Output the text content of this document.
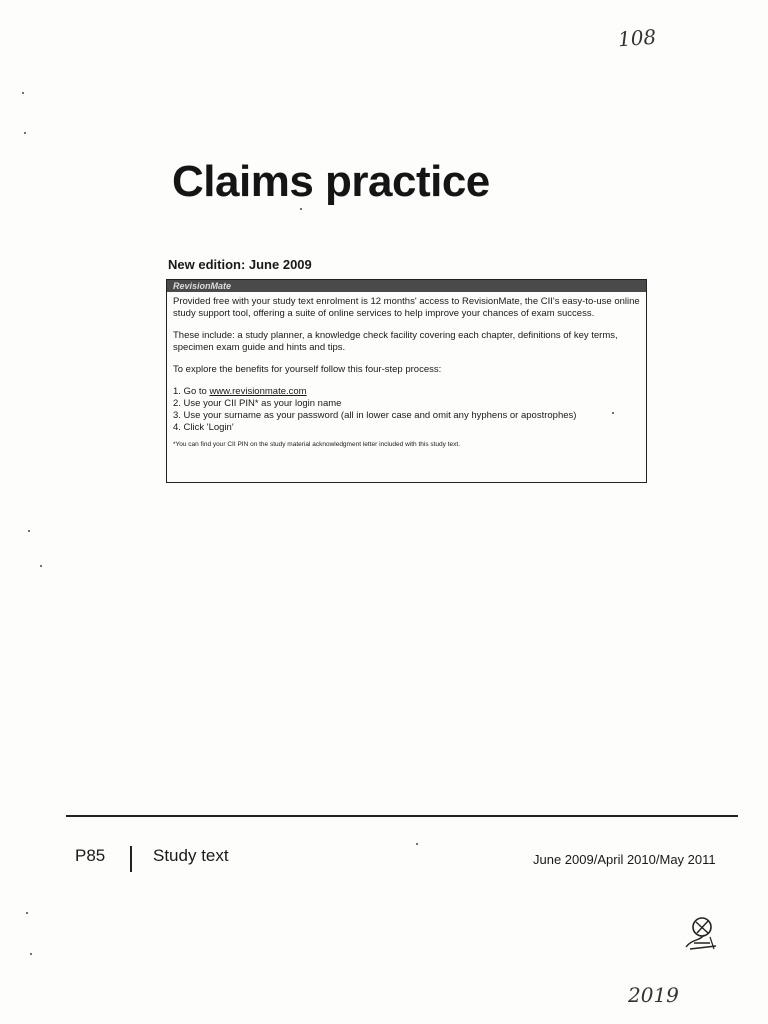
108
Claims practice
New edition: June 2009
RevisionMate

Provided free with your study text enrolment is 12 months' access to RevisionMate, the CII's easy-to-use online study support tool, offering a suite of online services to help improve your chances of exam success.

These include: a study planner, a knowledge check facility covering each chapter, definitions of key terms, specimen exam guide and hints and tips.

To explore the benefits for yourself follow this four-step process:

1. Go to www.revisionmate.com
2. Use your CII PIN* as your login name
3. Use your surname as your password (all in lower case and omit any hyphens or apostrophes)
4. Click 'Login'
*You can find your CII PIN on the study material acknowledgment letter included with this study text.
P85	Study text	June 2009/April 2010/May 2011
2019
